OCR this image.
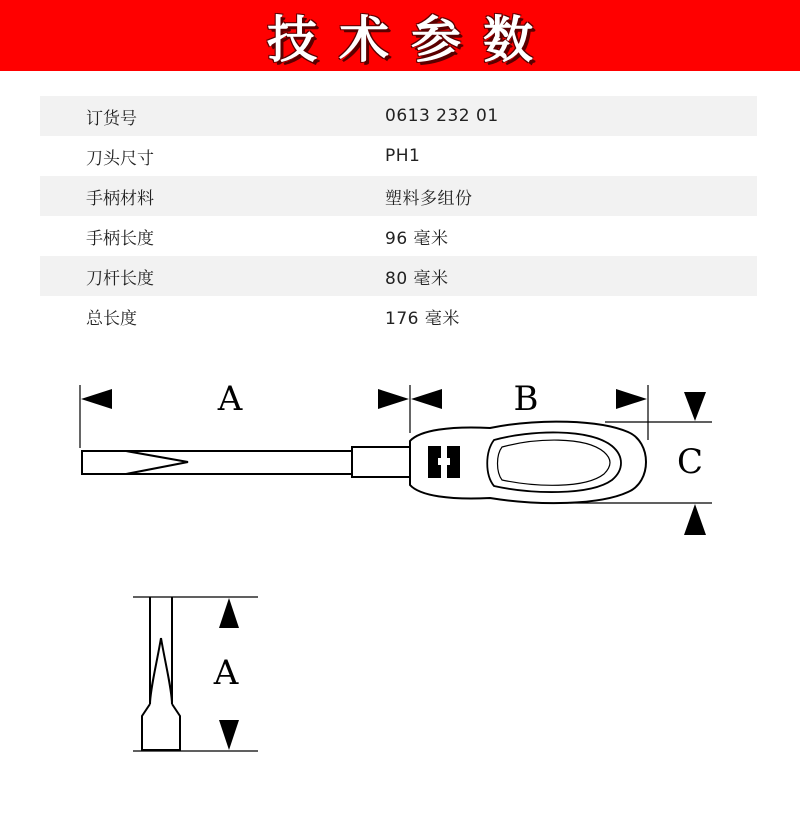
技术参数
订货号	0613 232 01
刀头尺寸	PH1
手柄材料	塑料多组份
手柄长度	96 毫米
刀杆长度	80 毫米
总长度	176 毫米
A	B
C
A
